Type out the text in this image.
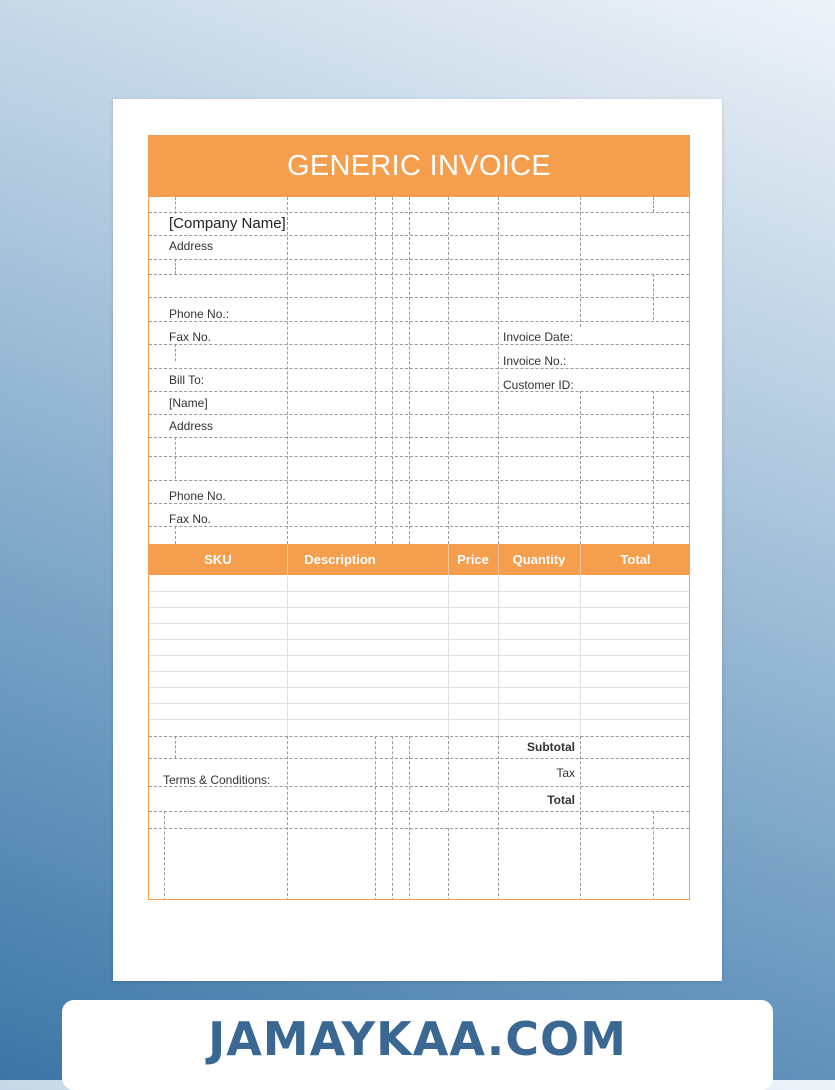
GENERIC INVOICE
[Company Name]
Address
Phone No.:
Fax No.	Invoice Date:
Invoice No.:
Customer ID:
Bill To:
[Name]
Address
Phone No.
Fax No.
SKU	Description	Price	Quantity	Total
Terms & Conditions:
Subtotal
Tax
Total
JAMAYKAA.COM
